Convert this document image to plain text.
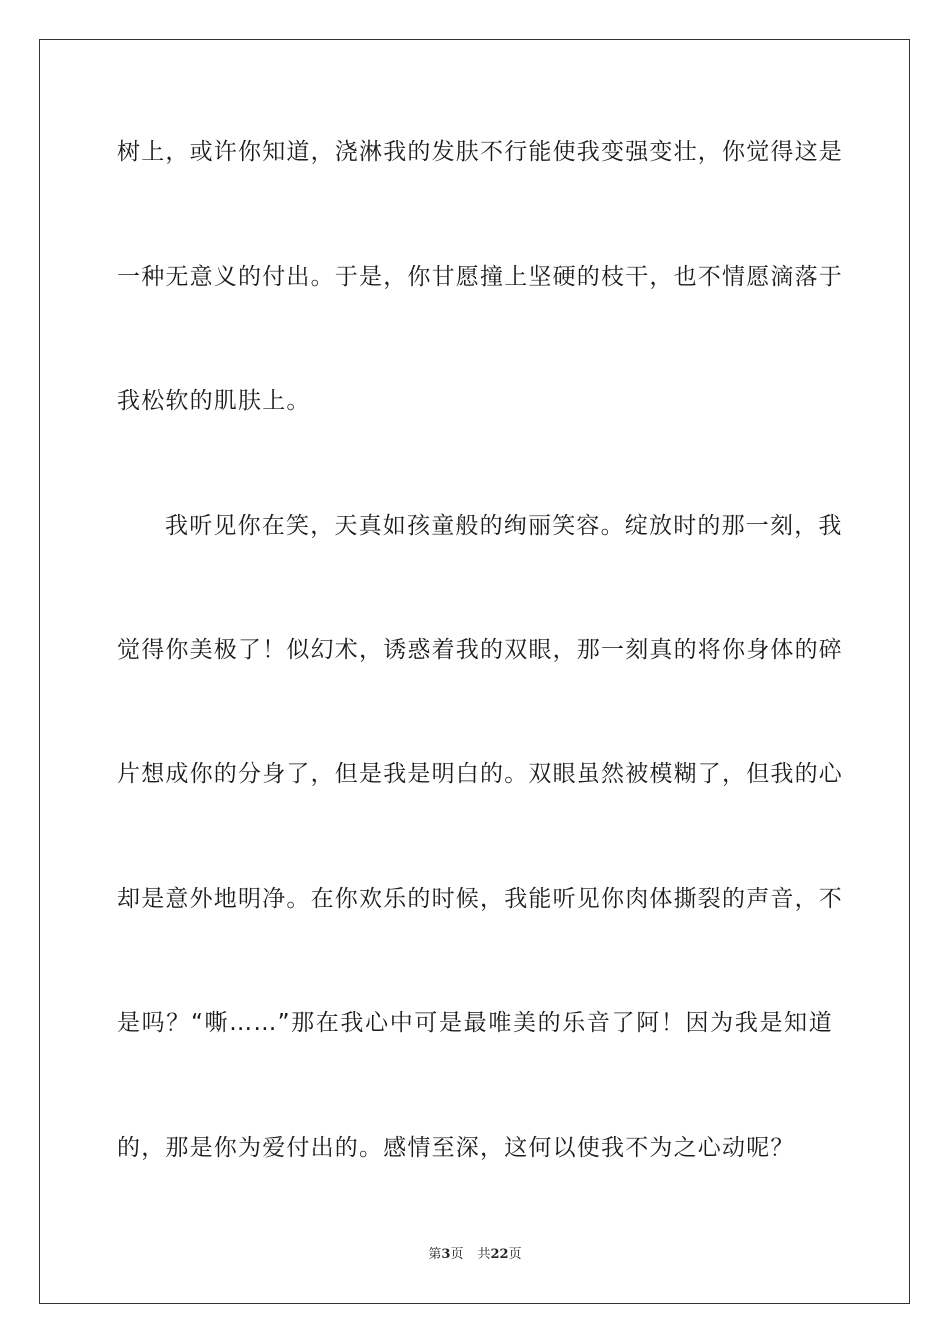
树上，或许你知道，浇淋我的发肤不行能使我变强变壮，你觉得这是
一种无意义的付出。于是，你甘愿撞上坚硬的枝干，也不情愿滴落于
我松软的肌肤上。
我听见你在笑，天真如孩童般的绚丽笑容。绽放时的那一刻，我
觉得你美极了！似幻术，诱惑着我的双眼，那一刻真的将你身体的碎
片想成你的分身了，但是我是明白的。双眼虽然被模糊了，但我的心
却是意外地明净。在你欢乐的时候，我能听见你肉体撕裂的声音，不
是吗？“嘶……”那在我心中可是最唯美的乐音了阿！因为我是知道
的，那是你为爱付出的。感情至深，这何以使我不为之心动呢？
第3页 共22页
